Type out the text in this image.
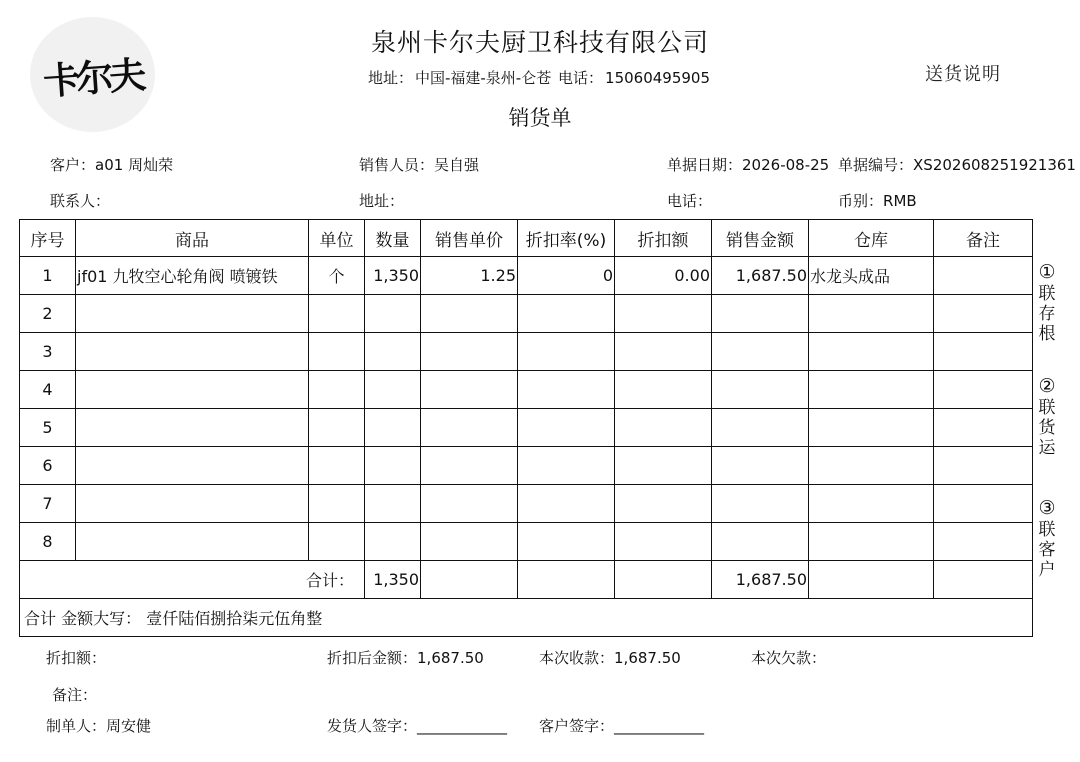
卡尔夫
泉州卡尔夫厨卫科技有限公司
地址： 中国-福建-泉州-仑苍 电话： 15060495905	送货说明
销货单
客户：a01 周灿荣	销售人员：吴自强	单据日期：2026-08-25 单据编号：XS202608251921361
联系人：	地址：	电话：	币别：RMB
序号	商品	单位	数量	销售单价	折扣率(%)	折扣额	销售金额	仓库	备注
1	jf01 九牧空心轮角阀 喷镀铁	个	1,350	1.25	0	0.00	1,687.50	水龙头成品	
2									
3									
4									
5									
6									
7									
8									
合计：			1,350				1,687.50		
合计 金额大写： 壹仟陆佰捌拾柒元伍角整									
①
联
存
根
②
联
货
运
③
联
客
户
折扣额：	折扣后金额：1,687.50	本次收款：1,687.50	本次欠款：
备注：
制单人：周安健	发货人签字：____________ 客户签字：____________
